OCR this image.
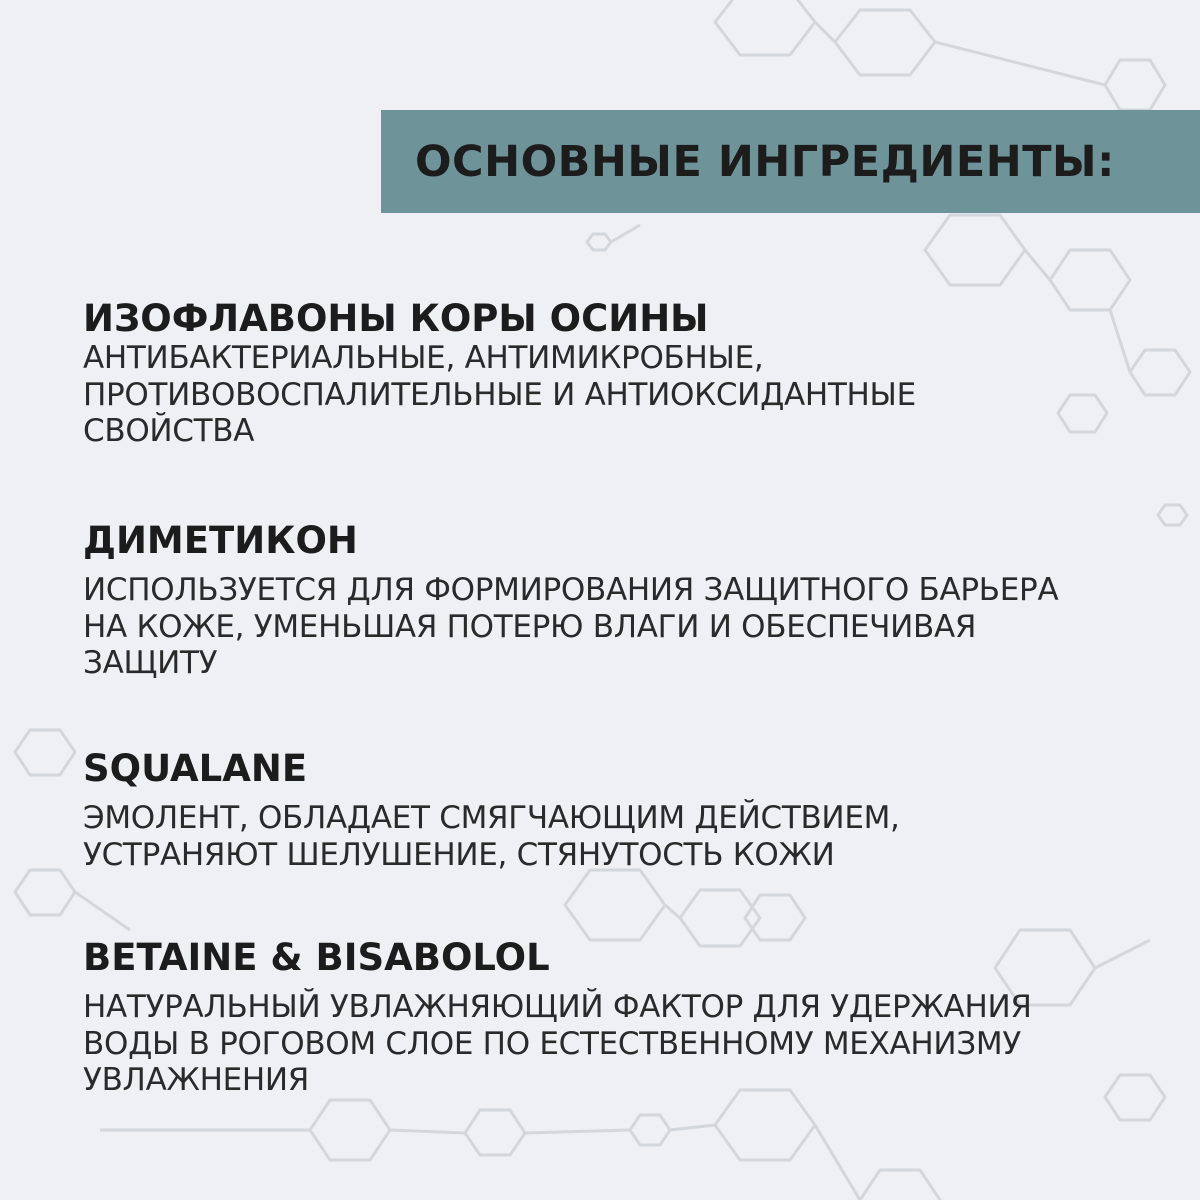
ОСНОВНЫЕ ИНГРЕДИЕНТЫ:
ИЗОФЛАВОНЫ КОРЫ ОСИНЫ
АНТИБАКТЕРИАЛЬНЫЕ, АНТИМИКРОБНЫЕ,
ПРОТИВОВОСПАЛИТЕЛЬНЫЕ И АНТИОКСИДАНТНЫЕ
СВОЙСТВА
ДИМЕТИКОН
ИСПОЛЬЗУЕТСЯ ДЛЯ ФОРМИРОВАНИЯ ЗАЩИТНОГО БАРЬЕРА
НА КОЖЕ, УМЕНЬШАЯ ПОТЕРЮ ВЛАГИ И ОБЕСПЕЧИВАЯ
ЗАЩИТУ
SQUALANE
ЭМОЛЕНТ, ОБЛАДАЕТ СМЯГЧАЮЩИМ ДЕЙСТВИЕМ,
УСТРАНЯЮТ ШЕЛУШЕНИЕ, СТЯНУТОСТЬ КОЖИ
BETAINE & BISABOLOL
НАТУРАЛЬНЫЙ УВЛАЖНЯЮЩИЙ ФАКТОР ДЛЯ УДЕРЖАНИЯ
ВОДЫ В РОГОВОМ СЛОЕ ПО ЕСТЕСТВЕННОМУ МЕХАНИЗМУ
УВЛАЖНЕНИЯ
